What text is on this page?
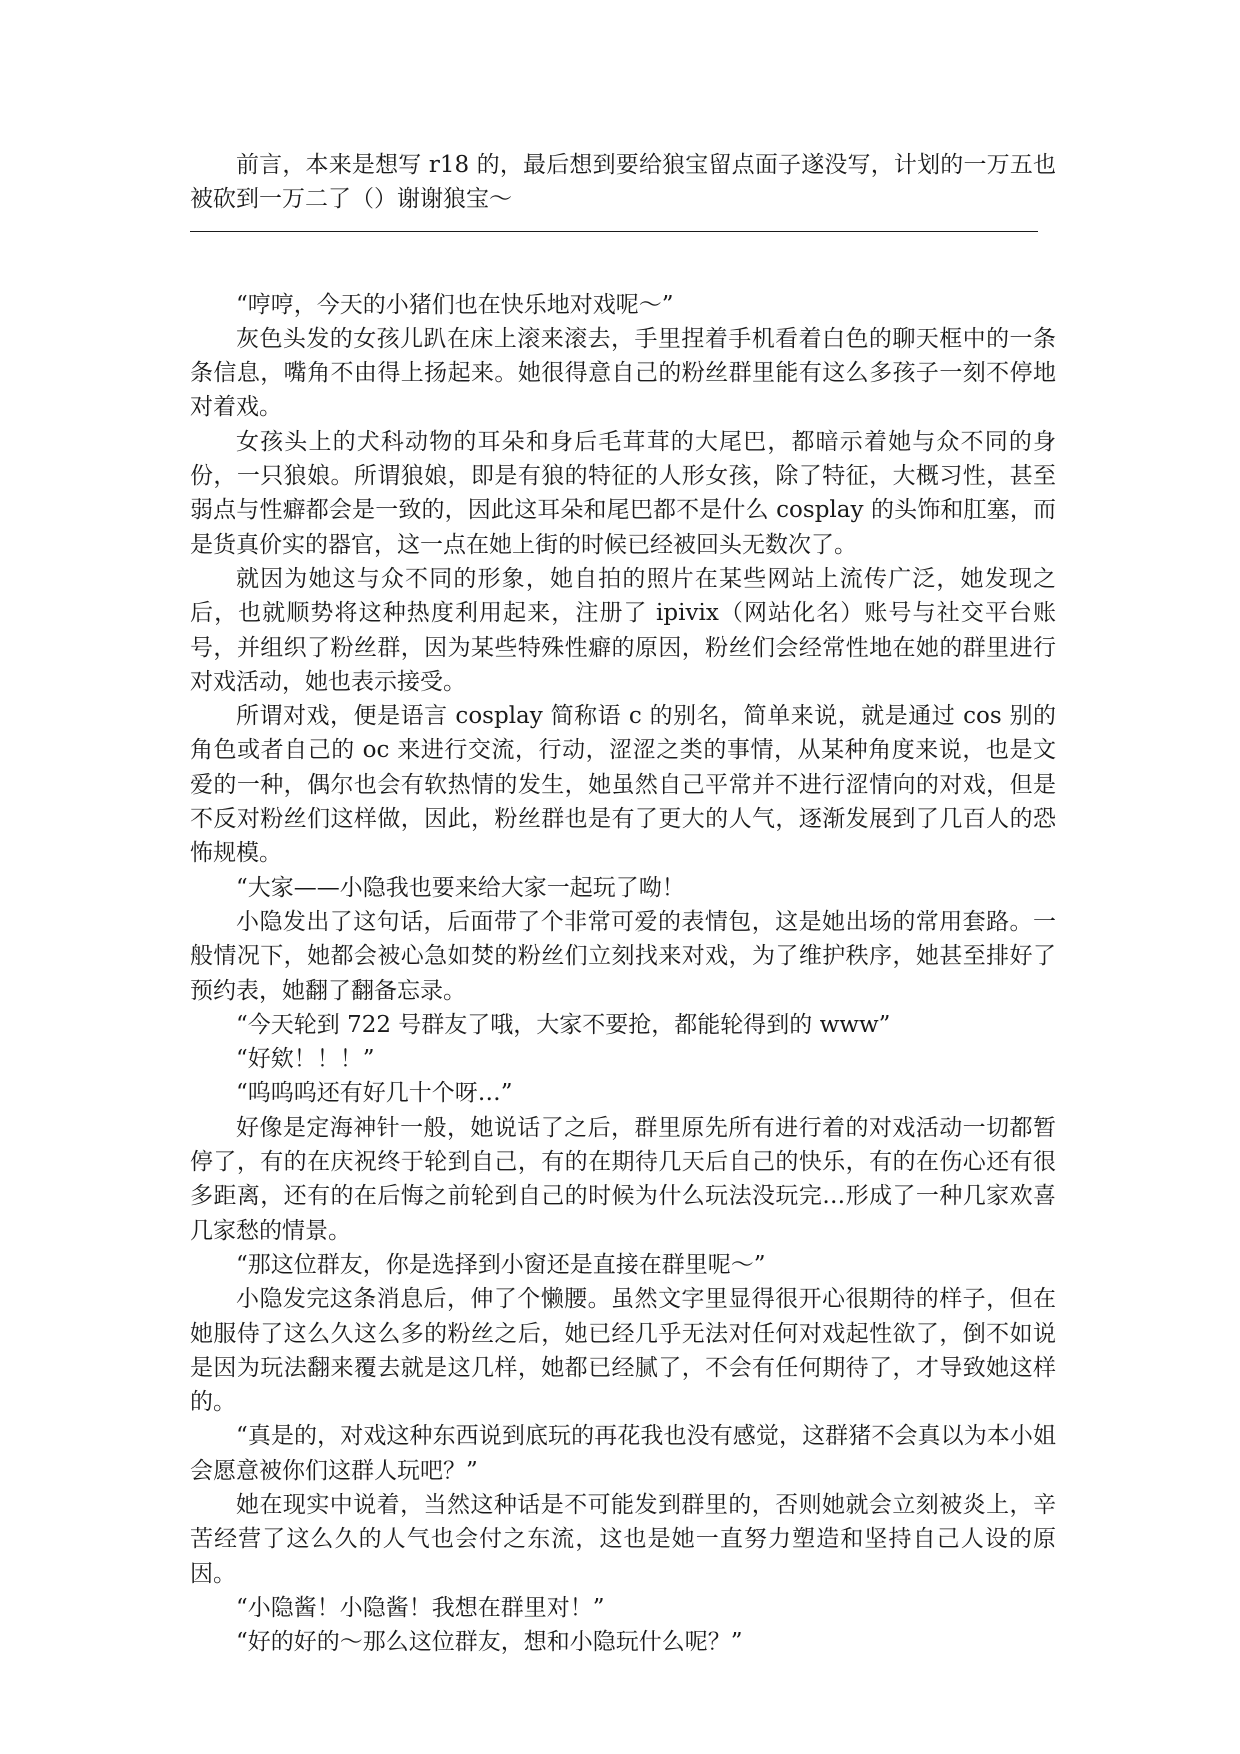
前言，本来是想写 r18 的，最后想到要给狼宝留点面子遂没写，计划的一万五也被砍到一万二了（）谢谢狼宝～

“哼哼，今天的小猪们也在快乐地对戏呢～”

灰色头发的女孩儿趴在床上滚来滚去，手里捏着手机看着白色的聊天框中的一条条信息，嘴角不由得上扬起来。她很得意自己的粉丝群里能有这么多孩子一刻不停地对着戏。

女孩头上的犬科动物的耳朵和身后毛茸茸的大尾巴，都暗示着她与众不同的身份，一只狼娘。所谓狼娘，即是有狼的特征的人形女孩，除了特征，大概习性，甚至弱点与性癖都会是一致的，因此这耳朵和尾巴都不是什么 cosplay 的头饰和肛塞，而是货真价实的器官，这一点在她上街的时候已经被回头无数次了。

就因为她这与众不同的形象，她自拍的照片在某些网站上流传广泛，她发现之后，也就顺势将这种热度利用起来，注册了 ipivix（网站化名）账号与社交平台账号，并组织了粉丝群，因为某些特殊性癖的原因，粉丝们会经常性地在她的群里进行对戏活动，她也表示接受。

所谓对戏，便是语言 cosplay 简称语 c 的别名，简单来说，就是通过 cos 别的角色或者自己的 oc 来进行交流，行动，涩涩之类的事情，从某种角度来说，也是文爱的一种，偶尔也会有软热情的发生，她虽然自己平常并不进行涩情向的对戏，但是不反对粉丝们这样做，因此，粉丝群也是有了更大的人气，逐渐发展到了几百人的恐怖规模。

“大家——小隐我也要来给大家一起玩了呦！

小隐发出了这句话，后面带了个非常可爱的表情包，这是她出场的常用套路。一般情况下，她都会被心急如焚的粉丝们立刻找来对戏，为了维护秩序，她甚至排好了预约表，她翻了翻备忘录。

“今天轮到 722 号群友了哦，大家不要抢，都能轮得到的 www”

“好欸！！！”

“呜呜呜还有好几十个呀…”

好像是定海神针一般，她说话了之后，群里原先所有进行着的对戏活动一切都暂停了，有的在庆祝终于轮到自己，有的在期待几天后自己的快乐，有的在伤心还有很多距离，还有的在后悔之前轮到自己的时候为什么玩法没玩完…形成了一种几家欢喜几家愁的情景。

“那这位群友，你是选择到小窗还是直接在群里呢～”

小隐发完这条消息后，伸了个懒腰。虽然文字里显得很开心很期待的样子，但在她服侍了这么久这么多的粉丝之后，她已经几乎无法对任何对戏起性欲了，倒不如说是因为玩法翻来覆去就是这几样，她都已经腻了，不会有任何期待了，才导致她这样的。

“真是的，对戏这种东西说到底玩的再花我也没有感觉，这群猪不会真以为本小姐会愿意被你们这群人玩吧？”

她在现实中说着，当然这种话是不可能发到群里的，否则她就会立刻被炎上，辛苦经营了这么久的人气也会付之东流，这也是她一直努力塑造和坚持自己人设的原因。

“小隐酱！小隐酱！我想在群里对！”

“好的好的～那么这位群友，想和小隐玩什么呢？”
